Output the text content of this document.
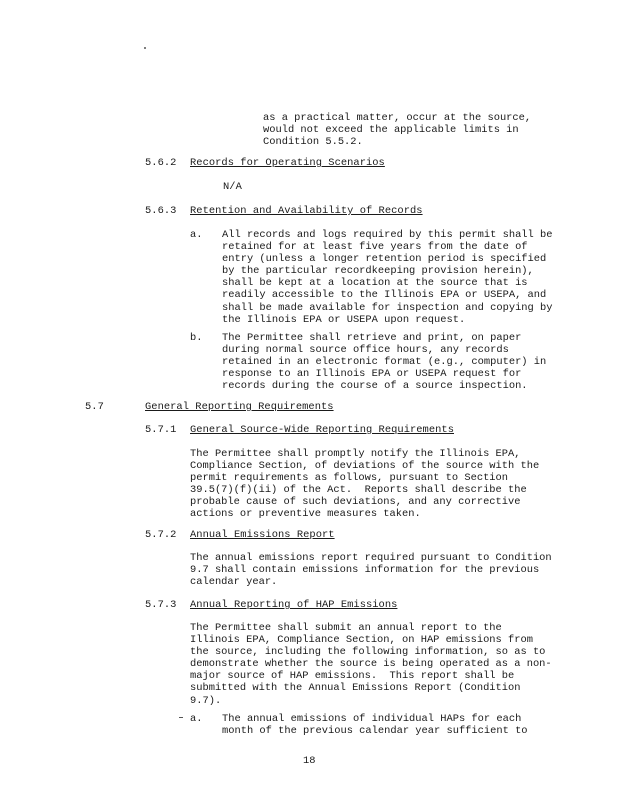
as a practical matter, occur at the source,
would not exceed the applicable limits in
Condition 5.5.2.
5.6.2 Records for Operating Scenarios
N/A
5.6.3 Retention and Availability of Records
a. All records and logs required by this permit shall be
retained for at least five years from the date of
entry (unless a longer retention period is specified
by the particular recordkeeping provision herein),
shall be kept at a location at the source that is
readily accessible to the Illinois EPA or USEPA, and
shall be made available for inspection and copying by
the Illinois EPA or USEPA upon request.
b. The Permittee shall retrieve and print, on paper
during normal source office hours, any records
retained in an electronic format (e.g., computer) in
response to an Illinois EPA or USEPA request for
records during the course of a source inspection.
5.7	General Reporting Requirements
5.7.1 General Source-Wide Reporting Requirements
The Permittee shall promptly notify the Illinois EPA,
Compliance Section, of deviations of the source with the
permit requirements as follows, pursuant to Section
39.5(7)(f)(ii) of the Act.  Reports shall describe the
probable cause of such deviations, and any corrective
actions or preventive measures taken.
5.7.2 Annual Emissions Report
The annual emissions report required pursuant to Condition
9.7 shall contain emissions information for the previous
calendar year.
5.7.3 Annual Reporting of HAP Emissions
The Permittee shall submit an annual report to the
Illinois EPA, Compliance Section, on HAP emissions from
the source, including the following information, so as to
demonstrate whether the source is being operated as a non-
major source of HAP emissions.  This report shall be
submitted with the Annual Emissions Report (Condition
9.7).
a. The annual emissions of individual HAPs for each
month of the previous calendar year sufficient to
18
